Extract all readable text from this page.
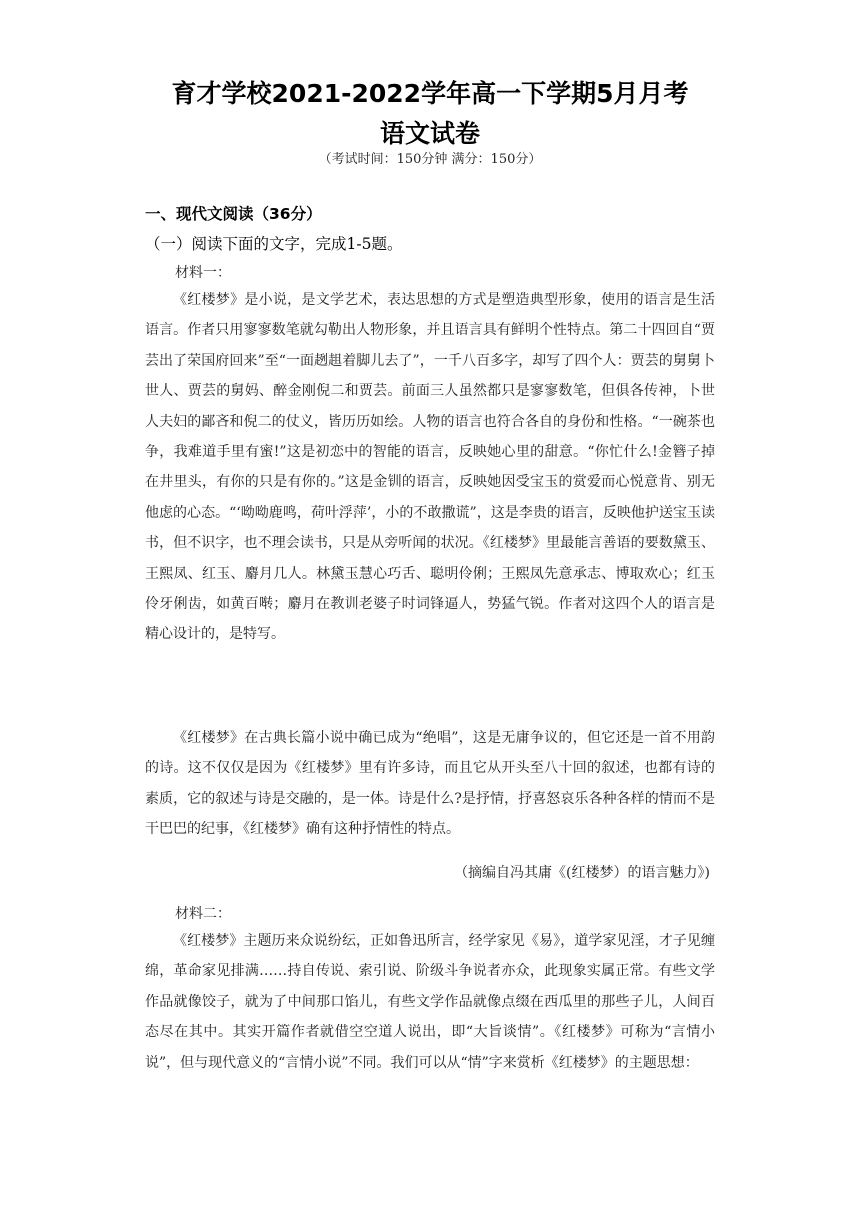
育才学校2021-2022学年高一下学期5月月考
语文试卷
（考试时间：150分钟 满分：150分）
一、现代文阅读（36分）
（一）阅读下面的文字，完成1-5题。
材料一：

《红楼梦》是小说，是文学艺术，表达思想的方式是塑造典型形象，使用的语言是生活语言。作者只用寥寥数笔就勾勒出人物形象，并且语言具有鲜明个性特点。第二十四回自“贾芸出了荣国府回来”至“一面趔趄着脚儿去了”，一千八百多字，却写了四个人：贾芸的舅舅卜世人、贾芸的舅妈、醉金刚倪二和贾芸。前面三人虽然都只是寥寥数笔，但俱各传神，卜世人夫妇的鄙吝和倪二的仗义，皆历历如绘。人物的语言也符合各自的身份和性格。“一碗茶也争，我难道手里有蜜!”这是初恋中的智能的语言，反映她心里的甜意。“你忙什么!金簪子掉在井里头，有你的只是有你的。”这是金钏的语言，反映她因受宝玉的赏爱而心悦意肯、别无他虑的心态。“‘呦呦鹿鸣，荷叶浮萍’，小的不敢撒谎”，这是李贵的语言，反映他护送宝玉读书，但不识字，也不理会读书，只是从旁听闻的状况。《红楼梦》里最能言善语的要数黛玉、王熙凤、红玉、麝月几人。林黛玉慧心巧舌、聪明伶俐；王熙凤先意承志、博取欢心；红玉伶牙俐齿，如黄百啭；麝月在教训老婆子时词锋逼人，势猛气锐。作者对这四个人的语言是精心设计的，是特写。

《红楼梦》在古典长篇小说中确已成为“绝唱”，这是无庸争议的，但它还是一首不用韵的诗。这不仅仅是因为《红楼梦》里有许多诗，而且它从开头至八十回的叙述，也都有诗的素质，它的叙述与诗是交融的，是一体。诗是什么?是抒情，抒喜怒哀乐各种各样的情而不是干巴巴的纪事，《红楼梦》确有这种抒情性的特点。

（摘编自冯其庸《(红楼梦）的语言魅力》)
材料二：

《红楼梦》主题历来众说纷纭，正如鲁迅所言，经学家见《易》，道学家见淫，才子见缠绵，革命家见排满……持自传说、索引说、阶级斗争说者亦众，此现象实属正常。有些文学作品就像饺子，就为了中间那口馅儿，有些文学作品就像点缀在西瓜里的那些子儿，人间百态尽在其中。其实开篇作者就借空空道人说出，即“大旨谈情”。《红楼梦》可称为“言情小说”，但与现代意义的“言情小说”不同。我们可以从“情”字来赏析《红楼梦》的主题思想：
